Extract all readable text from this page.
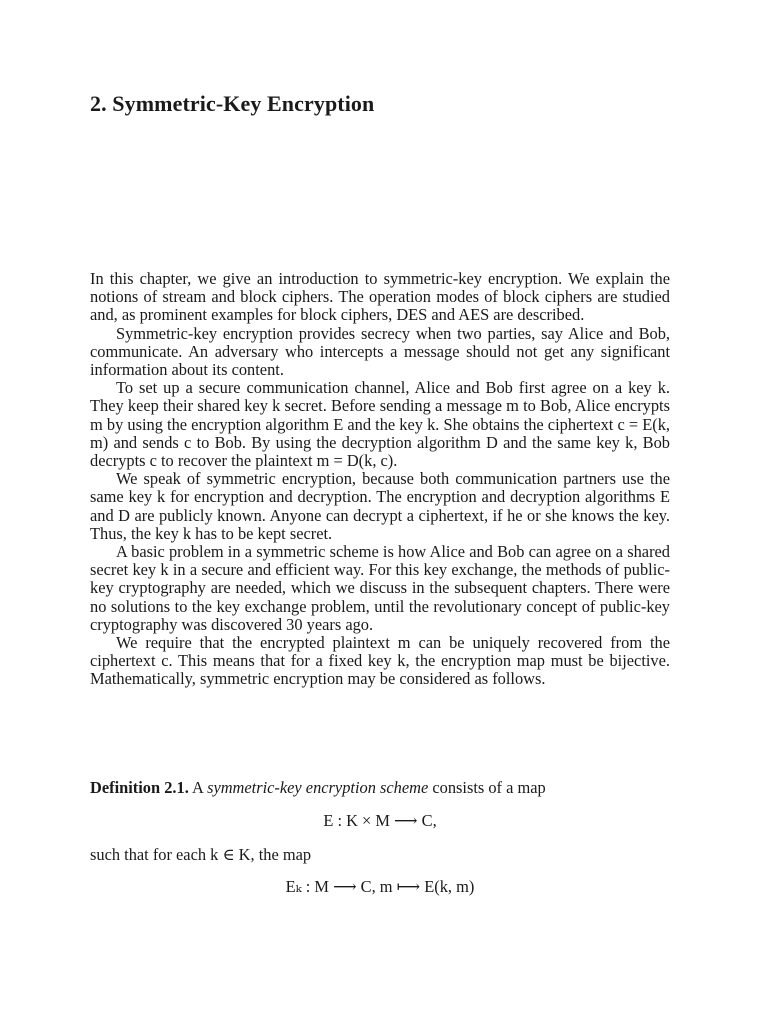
2. Symmetric-Key Encryption

In this chapter, we give an introduction to symmetric-key encryption. We explain the notions of stream and block ciphers. The operation modes of block ciphers are studied and, as prominent examples for block ciphers, DES and AES are described.

Symmetric-key encryption provides secrecy when two parties, say Alice and Bob, communicate. An adversary who intercepts a message should not get any significant information about its content.

To set up a secure communication channel, Alice and Bob first agree on a key k. They keep their shared key k secret. Before sending a message m to Bob, Alice encrypts m by using the encryption algorithm E and the key k. She obtains the ciphertext c = E(k, m) and sends c to Bob. By using the decryption algorithm D and the same key k, Bob decrypts c to recover the plaintext m = D(k, c).

We speak of symmetric encryption, because both communication partners use the same key k for encryption and decryption. The encryption and decryption algorithms E and D are publicly known. Anyone can decrypt a ciphertext, if he or she knows the key. Thus, the key k has to be kept secret.

A basic problem in a symmetric scheme is how Alice and Bob can agree on a shared secret key k in a secure and efficient way. For this key exchange, the methods of public-key cryptography are needed, which we discuss in the subsequent chapters. There were no solutions to the key exchange problem, until the revolutionary concept of public-key cryptography was discovered 30 years ago.

We require that the encrypted plaintext m can be uniquely recovered from the ciphertext c. This means that for a fixed key k, the encryption map must be bijective. Mathematically, symmetric encryption may be considered as follows.

Definition 2.1. A symmetric-key encryption scheme consists of a map

E : K × M ⟶ C,

such that for each k ∈ K, the map

Eₖ : M ⟶ C, m ⟼ E(k, m)
